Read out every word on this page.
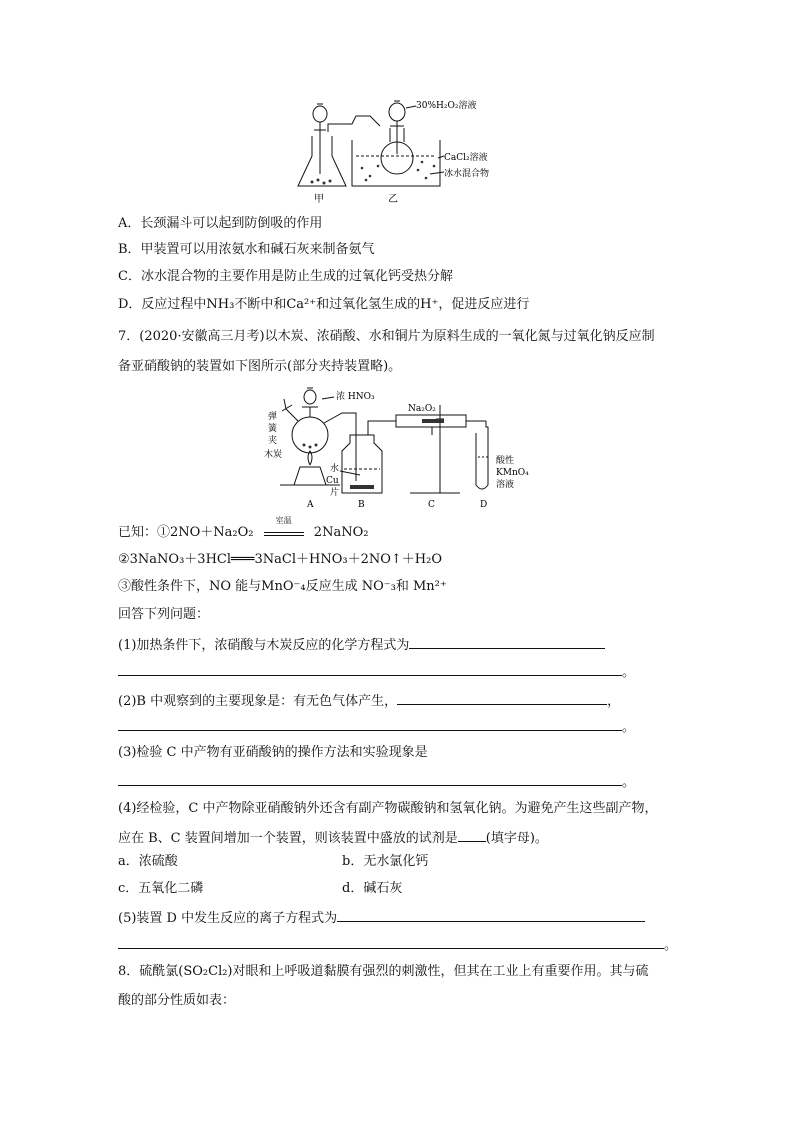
30%H₂O₂溶液
CaCl₂溶液
冰水混合物
甲	乙
A．长颈漏斗可以起到防倒吸的作用
B．甲装置可以用浓氨水和碱石灰来制备氨气
C．冰水混合物的主要作用是防止生成的过氧化钙受热分解
D．反应过程中NH₃不断中和Ca²⁺和过氧化氢生成的H⁺，促进反应进行
7．(2020·安徽高三月考)以木炭、浓硝酸、水和铜片为原料生成的一氧化氮与过氧化钠反应制
备亚硝酸钠的装置如下图所示(部分夹持装置略)。
浓 HNO₃
弹
簧
夹
木炭
水
Cu
片
Na₂O₂
酸性
KMnO₄
溶液
A	B	C	D
已知：①2NO＋Na₂O₂
室温
2NaNO₂
②3NaNO₃＋3HCl═══3NaCl＋HNO₃＋2NO↑＋H₂O
③酸性条件下，NO 能与MnO⁻₄反应生成 NO⁻₃和 Mn²⁺
回答下列问题：
(1)加热条件下，浓硝酸与木炭反应的化学方程式为
。
(2)B 中观察到的主要现象是：有无色气体产生，	，
。
(3)检验 C 中产物有亚硝酸钠的操作方法和实验现象是
。
(4)经检验，C 中产物除亚硝酸钠外还含有副产物碳酸钠和氢氧化钠。为避免产生这些副产物，
应在 B、C 装置间增加一个装置，则该装置中盛放的试剂是 (填字母)。
a．浓硫酸	b．无水氯化钙
c．五氧化二磷	d．碱石灰
(5)装置 D 中发生反应的离子方程式为
。
8．硫酰氯(SO₂Cl₂)对眼和上呼吸道黏膜有强烈的刺激性，但其在工业上有重要作用。其与硫
酸的部分性质如表：
